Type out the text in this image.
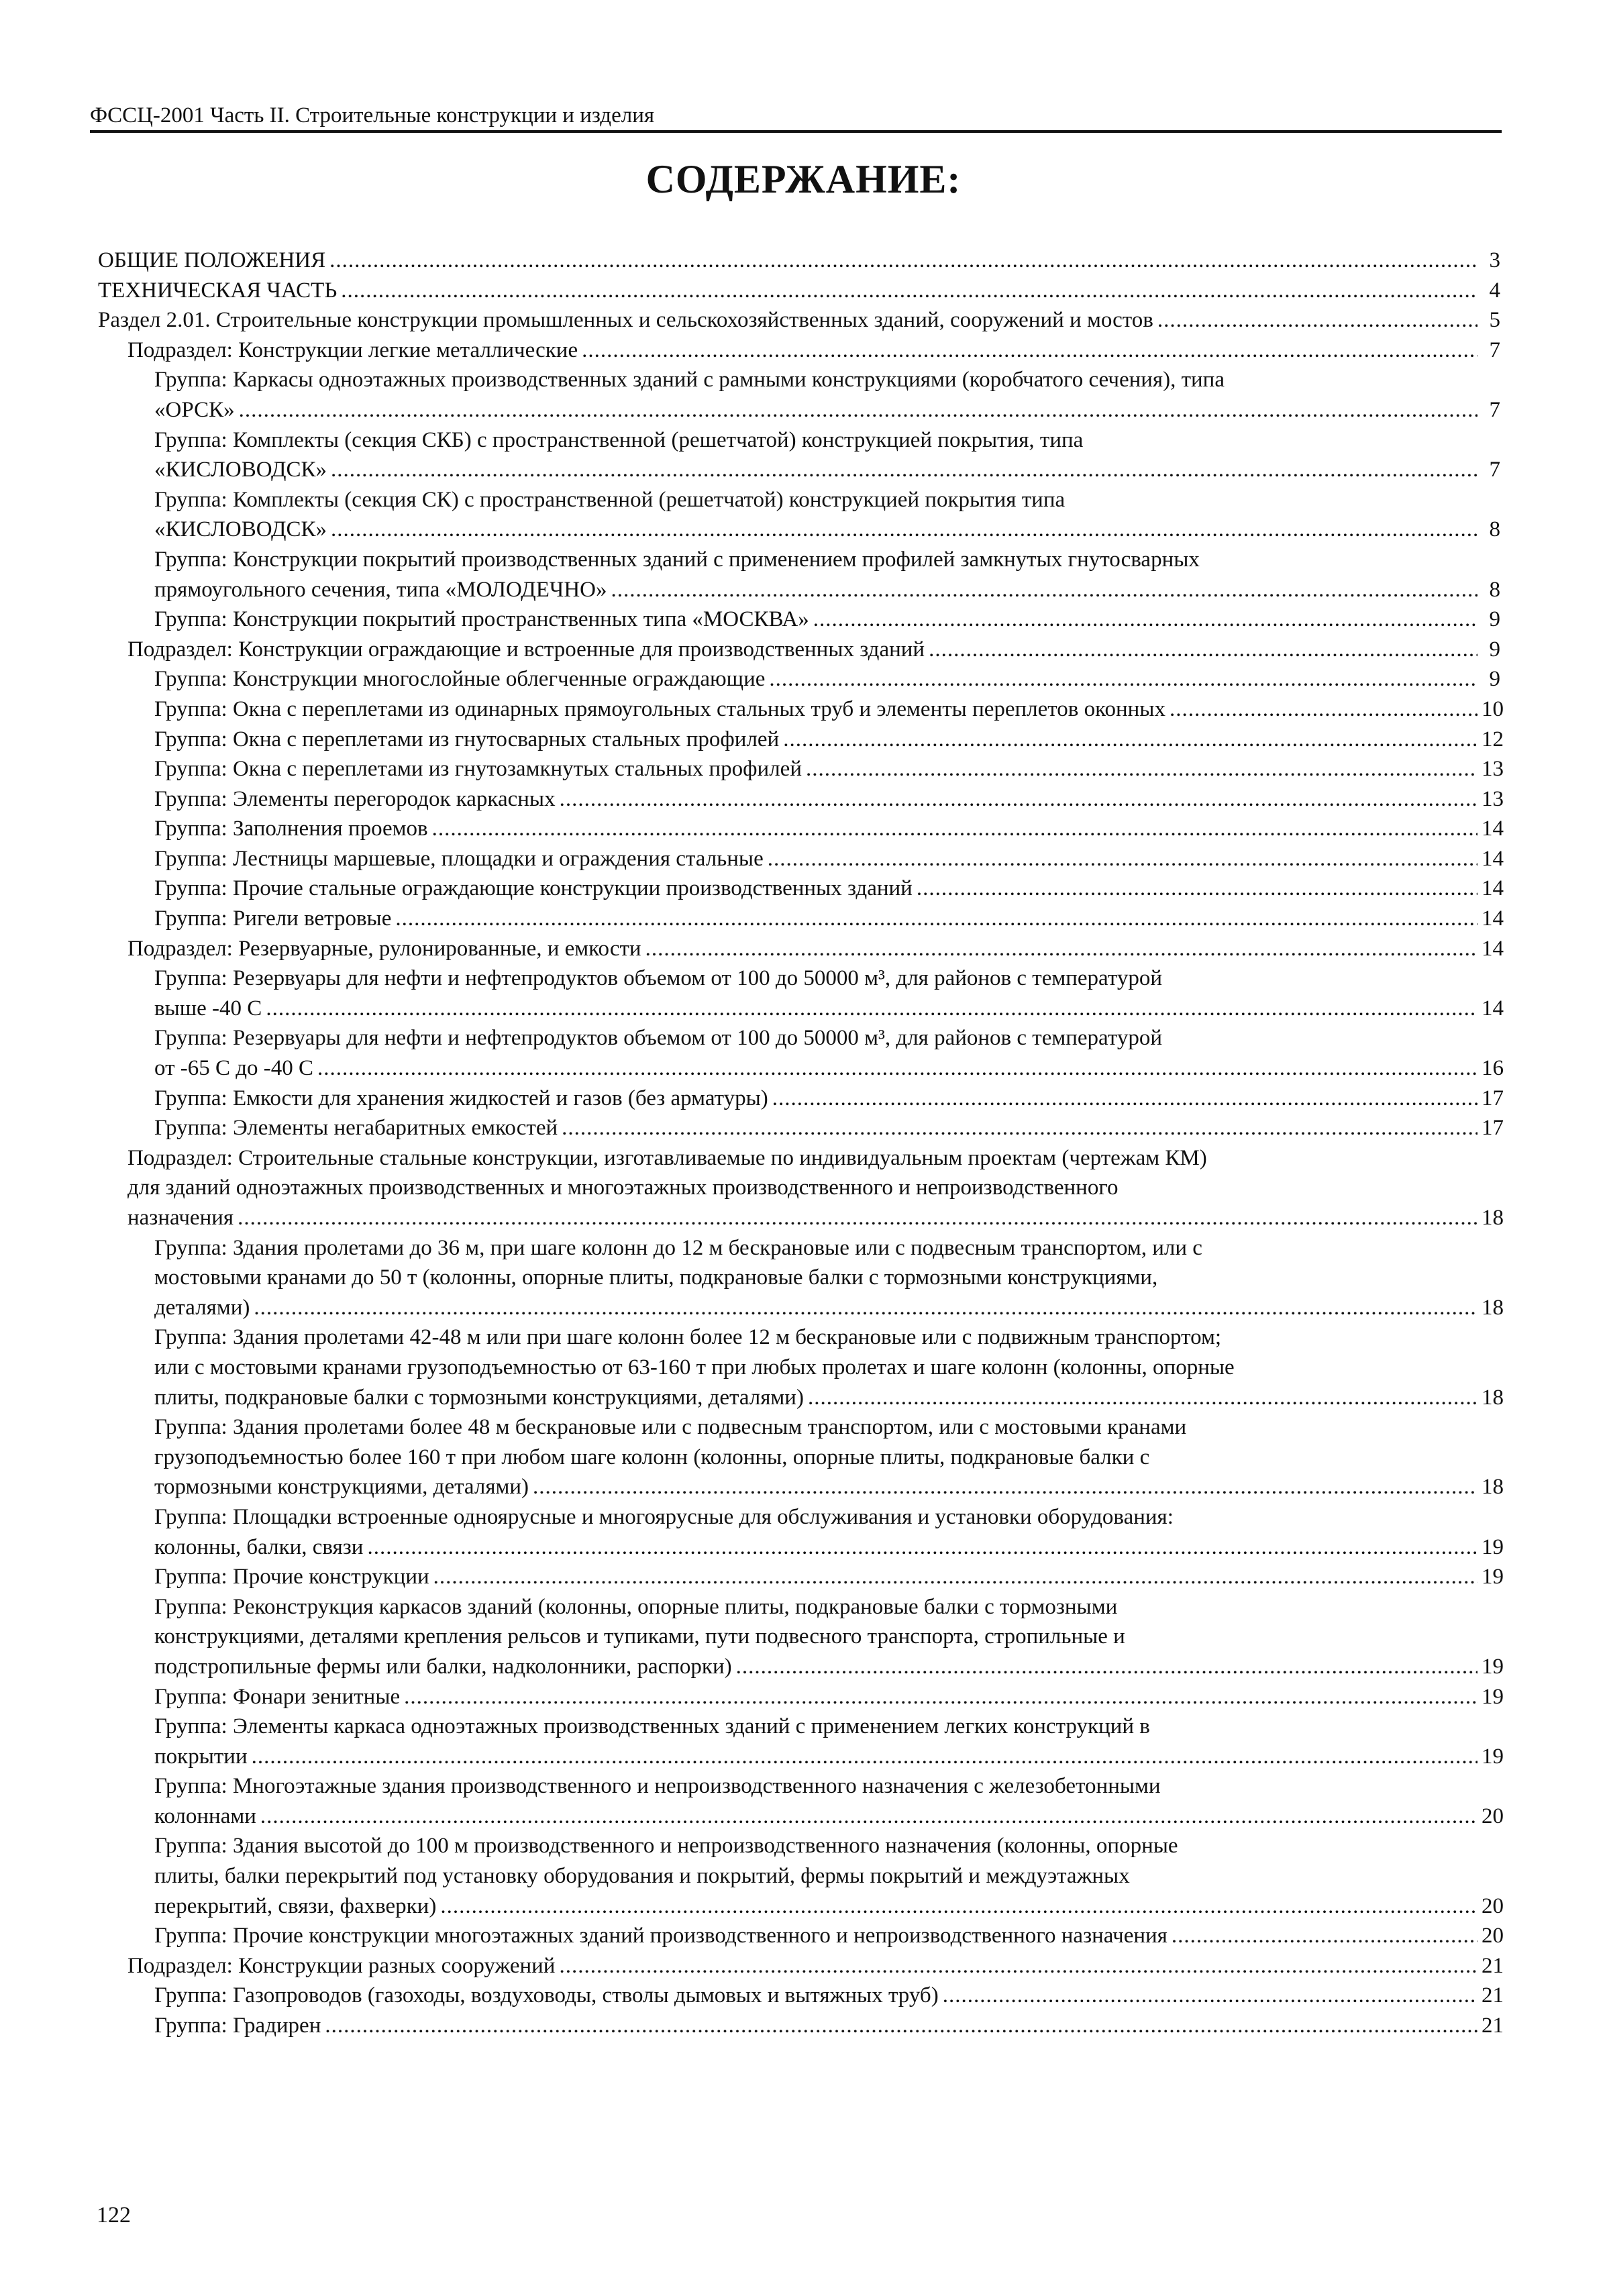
ФССЦ-2001 Часть II. Строительные конструкции и изделия
СОДЕРЖАНИЕ:
ОБЩИЕ ПОЛОЖЕНИЯ .....	3
ТЕХНИЧЕСКАЯ ЧАСТЬ .....	4
Раздел 2.01. Строительные конструкции промышленных и сельскохозяйственных зданий, сооружений и мостов .....	5
Подраздел: Конструкции легкие металлические .....	7
Группа: Каркасы одноэтажных производственных зданий с рамными конструкциями (коробчатого сечения), типа
«ОРСК» .....	7
Группа: Комплекты (секция СКБ) с пространственной (решетчатой) конструкцией покрытия, типа
«КИСЛОВОДСК» .....	7
Группа: Комплекты (секция СК) с пространственной (решетчатой) конструкцией покрытия типа
«КИСЛОВОДСК» .....	8
Группа: Конструкции покрытий производственных зданий с применением профилей замкнутых гнутосварных
прямоугольного сечения, типа «МОЛОДЕЧНО» .....	8
Группа: Конструкции покрытий пространственных типа «МОСКВА» .....	9
Подраздел: Конструкции ограждающие и встроенные для производственных зданий .....	9
Группа: Конструкции многослойные облегченные ограждающие .....	9
Группа: Окна с переплетами из одинарных прямоугольных стальных труб и элементы переплетов оконных .....	10
Группа: Окна с переплетами из гнутосварных стальных профилей .....	12
Группа: Окна с переплетами из гнутозамкнутых стальных профилей .....	13
Группа: Элементы перегородок каркасных .....	13
Группа: Заполнения проемов .....	14
Группа: Лестницы маршевые, площадки и ограждения стальные .....	14
Группа: Прочие стальные ограждающие конструкции производственных зданий .....	14
Группа: Ригели ветровые .....	14
Подраздел: Резервуарные, рулонированные, и емкости .....	14
Группа: Резервуары для нефти и нефтепродуктов объемом от 100 до 50000 м³, для районов с температурой
выше -40 С .....	14
Группа: Резервуары для нефти и нефтепродуктов объемом от 100 до 50000 м³, для районов с температурой
от -65 С до -40 С .....	16
Группа: Емкости для хранения жидкостей и газов (без арматуры) .....	17
Группа: Элементы негабаритных емкостей .....	17
Подраздел: Строительные стальные конструкции, изготавливаемые по индивидуальным проектам (чертежам КМ)
для зданий одноэтажных производственных и многоэтажных производственного и непроизводственного
назначения .....	18
Группа: Здания пролетами до 36 м, при шаге колонн до 12 м бескрановые или с подвесным транспортом, или с
мостовыми кранами до 50 т (колонны, опорные плиты, подкрановые балки с тормозными конструкциями,
деталями) .....	18
Группа: Здания пролетами 42-48 м или при шаге колонн более 12 м бескрановые или с подвижным транспортом;
или с мостовыми кранами грузоподъемностью от 63-160 т при любых пролетах и шаге колонн (колонны, опорные
плиты, подкрановые балки с тормозными конструкциями, деталями) .....	18
Группа: Здания пролетами более 48 м бескрановые или с подвесным транспортом, или с мостовыми кранами
грузоподъемностью более 160 т при любом шаге колонн (колонны, опорные плиты, подкрановые балки с
тормозными конструкциями, деталями) .....	18
Группа: Площадки встроенные одноярусные и многоярусные для обслуживания и установки оборудования:
колонны, балки, связи .....	19
Группа: Прочие конструкции .....	19
Группа: Реконструкция каркасов зданий (колонны, опорные плиты, подкрановые балки с тормозными
конструкциями, деталями крепления рельсов и тупиками, пути подвесного транспорта, стропильные и
подстропильные фермы или балки, надколонники, распорки) .....	19
Группа: Фонари зенитные .....	19
Группа: Элементы каркаса одноэтажных производственных зданий с применением легких конструкций в
покрытии .....	19
Группа: Многоэтажные здания производственного и непроизводственного назначения с железобетонными
колоннами .....	20
Группа: Здания высотой до 100 м производственного и непроизводственного назначения (колонны, опорные
плиты, балки перекрытий под установку оборудования и покрытий, фермы покрытий и междуэтажных
перекрытий, связи, фахверки) .....	20
Группа: Прочие конструкции многоэтажных зданий производственного и непроизводственного назначения .....	20
Подраздел: Конструкции разных сооружений .....	21
Группа: Газопроводов (газоходы, воздуховоды, стволы дымовых и вытяжных труб) .....	21
Группа: Градирен .....	21
122
